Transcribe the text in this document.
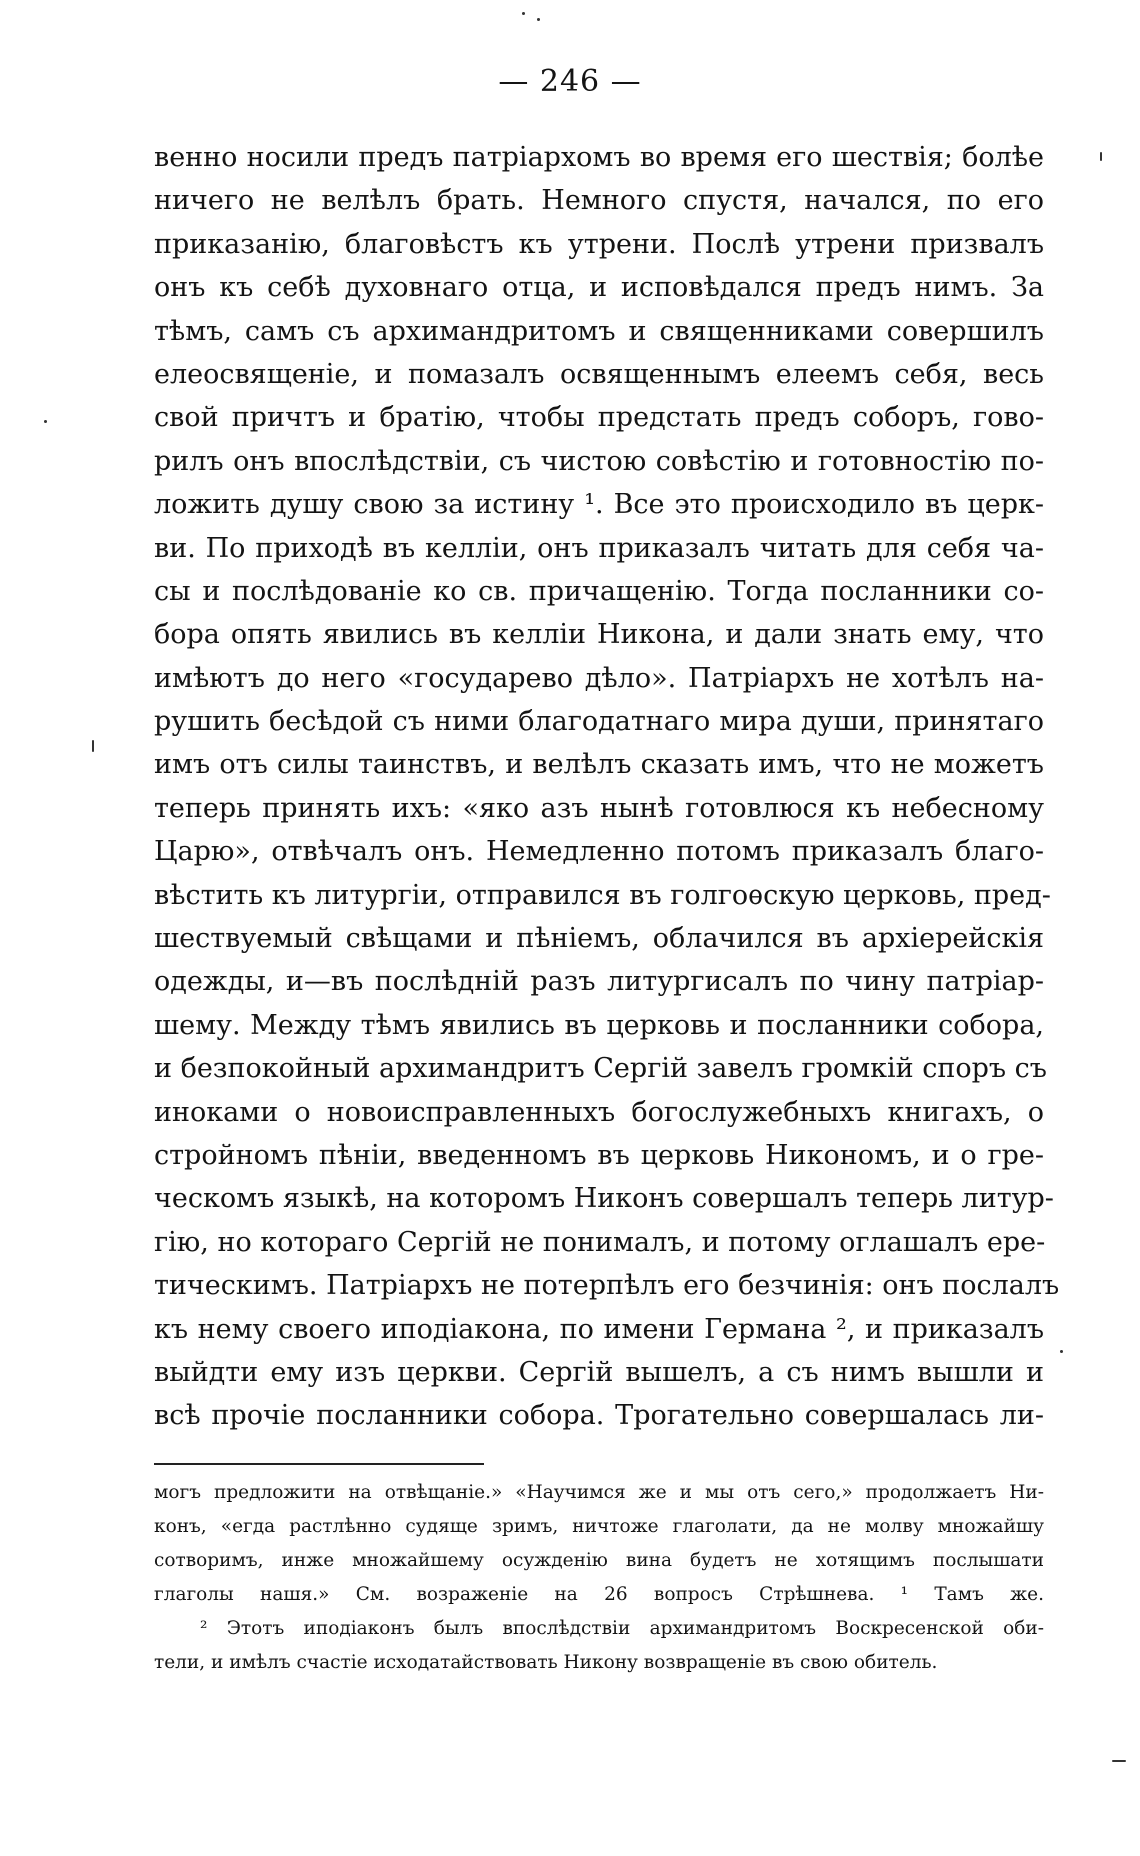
— 246 —
венно носили предъ патріархомъ во время его шествія; болѣе
ничего не велѣлъ брать. Немного спустя, начался, по его
приказанію, благовѣстъ къ утрени. Послѣ утрени призвалъ
онъ къ себѣ духовнаго отца, и исповѣдался предъ нимъ. За
тѣмъ, самъ съ архимандритомъ и священниками совершилъ
елеосвященіе, и помазалъ освященнымъ елеемъ себя, весь
свой причтъ и братію, чтобы предстать предъ соборъ, гово-
рилъ онъ впослѣдствіи, съ чистою совѣстію и готовностію по-
ложить душу свою за истину ¹. Все это происходило въ церк-
ви. По приходѣ въ келліи, онъ приказалъ читать для себя ча-
сы и послѣдованіе ко св. причащенію. Тогда посланники со-
бора опять явились въ келліи Никона, и дали знать ему, что
имѣютъ до него «государево дѣло». Патріархъ не хотѣлъ на-
рушить бесѣдой съ ними благодатнаго мира души, принятаго
имъ отъ силы таинствъ, и велѣлъ сказать имъ, что не можетъ
теперь принять ихъ: «яко азъ нынѣ готовлюся къ небесному
Царю», отвѣчалъ онъ. Немедленно потомъ приказалъ благо-
вѣстить къ литургіи, отправился въ голгоѳскую церковь, пред-
шествуемый свѣщами и пѣніемъ, облачился въ архіерейскія
одежды, и—въ послѣдній разъ литургисалъ по чину патріар-
шему. Между тѣмъ явились въ церковь и посланники собора,
и безпокойный архимандритъ Сергій завелъ громкій споръ съ
иноками о новоисправленныхъ богослужебныхъ книгахъ, о
стройномъ пѣніи, введенномъ въ церковь Никономъ, и о гре-
ческомъ языкѣ, на которомъ Никонъ совершалъ теперь литур-
гію, но котораго Сергій не понималъ, и потому оглашалъ ере-
тическимъ. Патріархъ не потерпѣлъ его безчинія: онъ послалъ
къ нему своего иподіакона, по имени Германа ², и приказалъ
выйдти ему изъ церкви. Сергій вышелъ, а съ нимъ вышли и
всѣ прочіе посланники собора. Трогательно совершалась ли-
могъ предложити на отвѣщаніе.» «Научимся же и мы отъ сего,» продолжаетъ Ни-
конъ, «егда растлѣнно судяще зримъ, ничтоже глаголати, да не молву множайшу
сотворимъ, инже множайшему осужденію вина будетъ не хотящимъ послышати
глаголы нашя.» См. возраженіе на 26 вопросъ Стрѣшнева. ¹ Тамъ же.
² Этотъ иподіаконъ былъ впослѣдствіи архимандритомъ Воскресенской оби-
тели, и имѣлъ счастіе исходатайствовать Никону возвращеніе въ свою обитель.
